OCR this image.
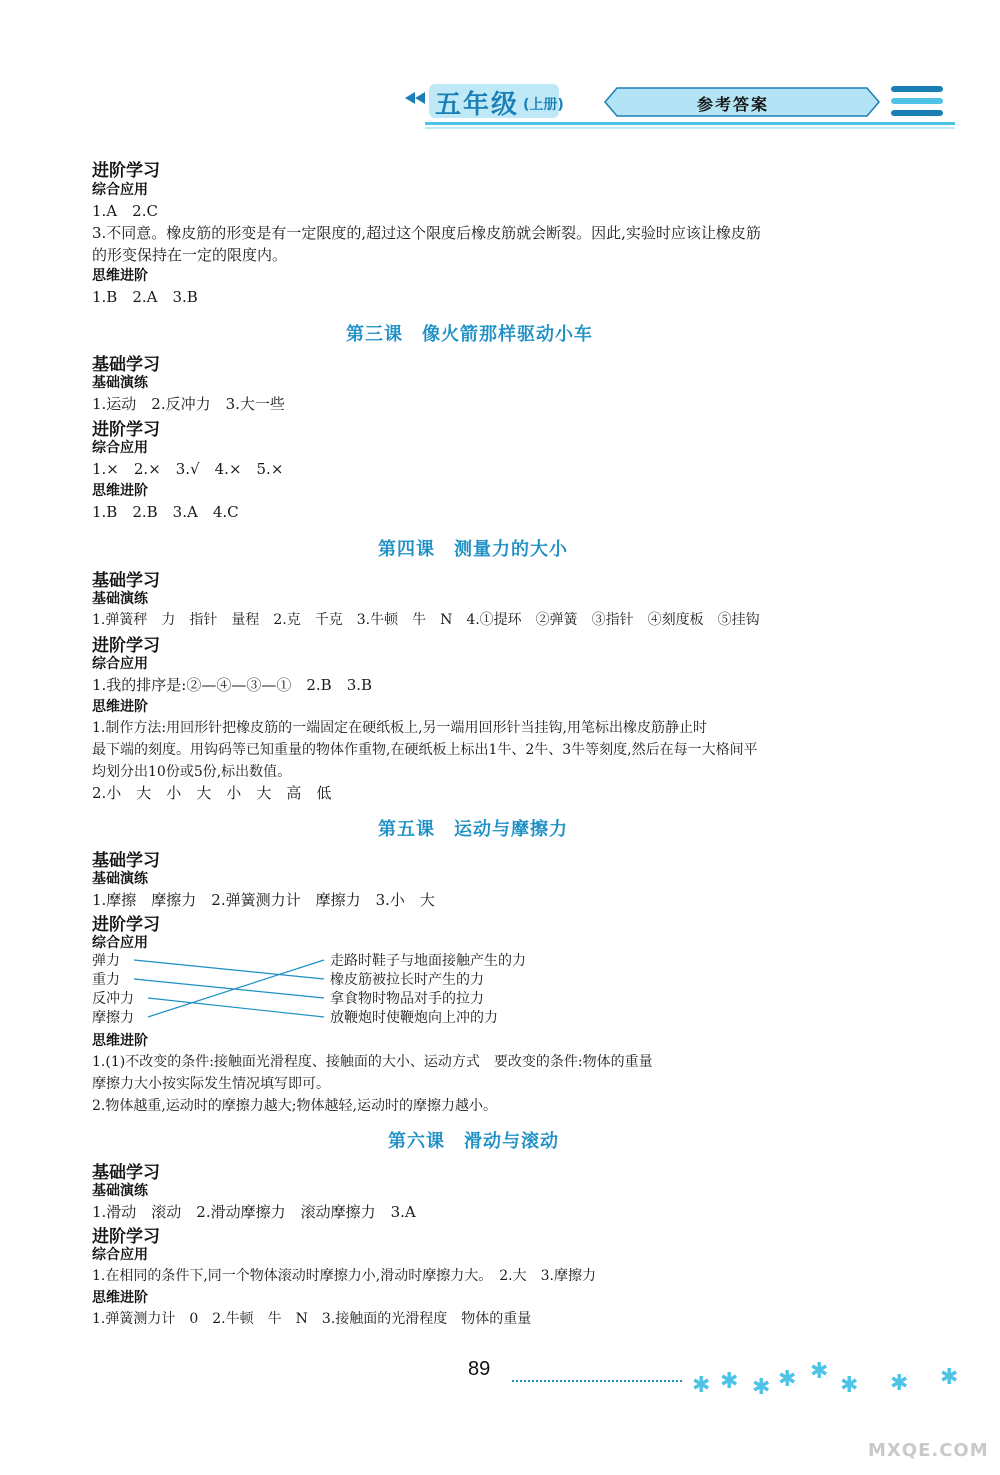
五年级 (上册)	参考答案
进阶学习
综合应用
1.A　2.C
3.不同意。橡皮筋的形变是有一定限度的,超过这个限度后橡皮筋就会断裂。因此,实验时应该让橡皮筋
的形变保持在一定的限度内。
思维进阶
1.B　2.A　3.B
第三课　像火箭那样驱动小车
基础学习
基础演练
1.运动　2.反冲力　3.大一些
进阶学习
综合应用
1.×　2.×　3.√　4.×　5.×
思维进阶
1.B　2.B　3.A　4.C
第四课　测量力的大小
基础学习
基础演练
1.弹簧秤　力　指针　量程　2.克　千克　3.牛顿　牛　N　4.①提环　②弹簧　③指针　④刻度板　⑤挂钩
进阶学习
综合应用
1.我的排序是:②—④—③—①　2.B　3.B
思维进阶
1.制作方法:用回形针把橡皮筋的一端固定在硬纸板上,另一端用回形针当挂钩,用笔标出橡皮筋静止时
最下端的刻度。用钩码等已知重量的物体作重物,在硬纸板上标出1牛、2牛、3牛等刻度,然后在每一大格间平
均划分出10份或5份,标出数值。
2.小　大　小　大　小　大　高　低
第五课　运动与摩擦力
基础学习
基础演练
1.摩擦　摩擦力　2.弹簧测力计　摩擦力　3.小　大
进阶学习
综合应用
弹力
重力
反冲力
摩擦力
走路时鞋子与地面接触产生的力
橡皮筋被拉长时产生的力
拿食物时物品对手的拉力
放鞭炮时使鞭炮向上冲的力
思维进阶
1.(1)不改变的条件:接触面光滑程度、接触面的大小、运动方式　要改变的条件:物体的重量
摩擦力大小按实际发生情况填写即可。
2.物体越重,运动时的摩擦力越大;物体越轻,运动时的摩擦力越小。
第六课　滑动与滚动
基础学习
基础演练
1.滑动　滚动　2.滑动摩擦力　滚动摩擦力　3.A
进阶学习
综合应用
1.在相同的条件下,同一个物体滚动时摩擦力小,滑动时摩擦力大。　2.大　3.摩擦力
思维进阶
1.弹簧测力计　0　2.牛顿　牛　N　3.接触面的光滑程度　物体的重量
89
✱ ✱ ✱ ✱ ✱
✱ ✱ ✱
MXQE.COM
